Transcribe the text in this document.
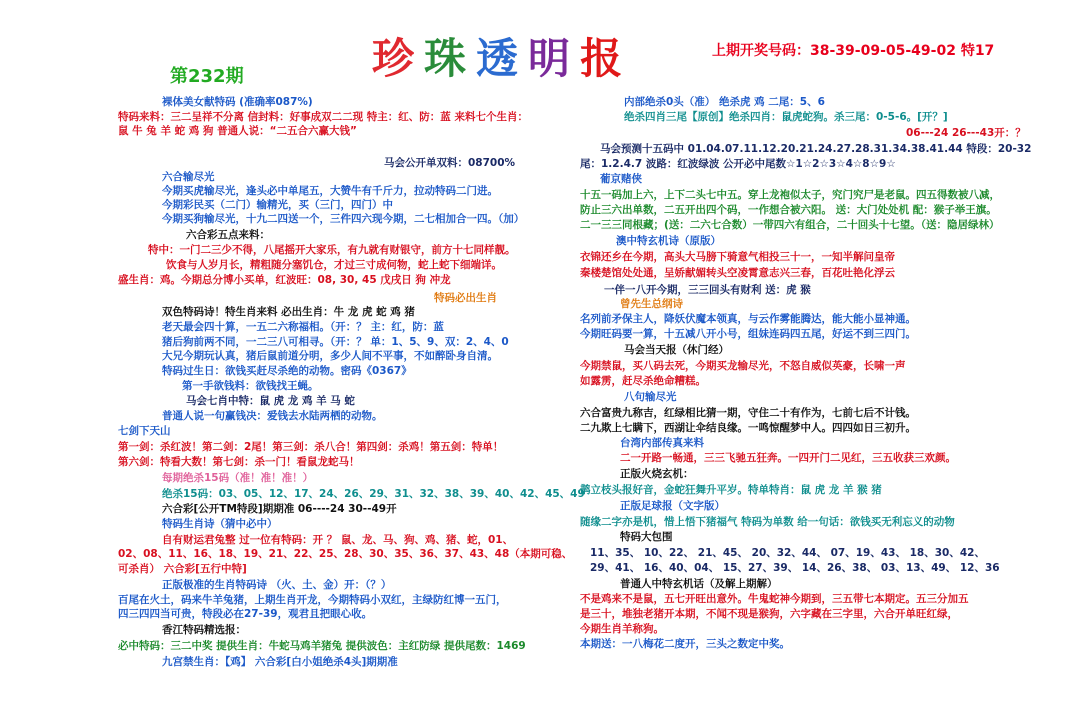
珍珠透明报
第232期
上期开奖号码：38-39-09-05-49-02 特17
裸体美女献特码 (准确率087%)
特码来料：三二呈祥不分离 信封料：好事成双二二现 特主：红、防：蓝 来料七个生肖：
鼠 牛 兔 羊 蛇 鸡 狗 普通人说：“二五合六赢大钱”
马会公开单双料：08700%
六合输尽光
今期买虎输尽光，逢头必中单尾五，大赞牛有千斤力，拉动特码二门进。
今期彩民买（二门）输精光，买（三门，四门）中
今期买狗输尽光，十九二四送一个，三件四六现今期，二七相加合一四。（加）
六合彩五点来料：
特中：一门二三少不得，八尾摇开大家乐，有九就有财银守，前方十七同样靓。
饮食与人岁月长，精粗随分塞饥仓，才过三寸成何物，蛇上蛇下细端详。
盛生肖：鸡。今期总分博小买单，红波旺：08, 30, 45 戊戌日 狗 冲龙
特码必出生肖
双色特码诗！特生肖来料 必出生肖：牛 龙 虎 蛇 鸡 猪
老天最会四十算，一五二六称福相。（开：？ 主：红，防：蓝
猪后狗前两不同，一二三八可相寻。（开：？ 单：1、5、9、双：2、4、0
大兄今期玩认真，猪后鼠前道分明，多少人间不平事，不如醉卧身自清。
特码过生日：欲钱买赶尽杀绝的动物。密码《0367》
第一手欲钱料：欲钱找王蝇。
马会七肖中特：鼠 虎 龙 鸡 羊 马 蛇
普通人说一句赢钱决：爱钱去水陆两栖的动物。
七剑下天山
第一剑：杀红波！第二剑：2尾！第三剑：杀八合！第四剑：杀鸡！第五剑：特单！
第六剑：特看大数！第七剑：杀一门！看鼠龙蛇马！
每期绝杀15码（准！准！准！）
绝杀15码：03、05、12、17、24、26、29、31、32、38、39、40、42、45、49
六合彩[公开TM特段]期期准 06----24 30--49开
特码生肖诗（猜中必中）
自有财运君兔整 过一位有特码：开 ？ 鼠、龙、马、狗、鸡、猪、蛇，01、
02、08、11、16、18、19、21、22、25、28、30、35、36、37、43、48（本期可稳、
可杀肖） 六合彩[五行中特]
正版极准的生肖特码诗 （火、土、金）开：（？）
百尾在火土，码来牛羊兔猪，上期生肖开龙，今期特码小双红，主绿防红博一五门，
四三四四当可贵，特段必在27-39，观君且把眼心收。
香江特码精选报：
必中特码：三二中奖 提供生肖：牛蛇马鸡羊猪兔 提供波色：主红防绿 提供尾数：1469
九宫禁生肖：【鸡】 六合彩[白小姐绝杀4头]期期准
内部绝杀0头（准） 绝杀虎 鸡 二尾：5、6
绝杀四肖三尾【原创】绝杀四肖：鼠虎蛇狗。杀三尾：0-5-6。[开？]
06---24 26---43开：？
马会预测十五码中 01.04.07.11.12.20.21.24.27.28.31.34.38.41.44 特段：20-32
尾：1.2.4.7 波路：红波绿波 公开必中尾数☆1☆2☆3☆4☆8☆9☆
葡京赌侠
十五一码加上六，上下二头七中五。穿上龙袍似太子，究门究尸是老鼠。四五得数被八减，
防止三六出单数，二五开出四个码，一作想合被六阳。 送：大门处处机 配：猴子举王旗。
二一三三同根藏；(送：二六七合数）一带四六有组合，二十回头十七望。（送：隐居绿林）
澳中特玄机诗（原版）
衣锦还乡在今期，高头大马膀下骑意气相投三十一，一知半解问皇帝
秦楼楚馆处处通，呈娇献媚转头空凌霄意志兴三春，百花吐艳化浮云
一伴一八开今期，三三回头有财利 送：虎 猴
曾先生总纲诗
名列前矛保主人，降妖伏魔本领真，与云作雾能腾达，能大能小显神通。
今期旺码要一算，十五减八开小号，组妹连码四五尾，好运不到三四门。
马会当天报（休门经）
今期禁鼠，买八码去死，今期买龙输尽光，不怒自威似英豪，长啸一声
如露雳，赶尽杀绝命糟糕。
八句输尽光
六合富贵九称吉，红绿相比猜一期，守住二十有作为，七前七后不计钱。
二九欺上七瞒下，西湖让伞结良缘。一鸣惊醒梦中人。四四如日三初升。
台湾内部传真来料
二一开路一畅通，三三飞驰五狂奔。一四开门二见红，三五收获三欢颜。
正版火烧玄机：
鹊立枝头报好音，金蛇狂舞升平岁。特单特肖：鼠 虎 龙 羊 猴 猪
正版足球报（文字版）
随缘二字亦是机，惜上悟下猪福气 特码为单数 给一句话：欲钱买无利忘义的动物
特码大包围
11、35、 10、22、 21、45、 20、32、44、 07、19、43、 18、30、42、
29、41、 16、40、04、 15、27、39、 14、26、38、 03、13、49、 12、36
普通人中特玄机话（及解上期解）
不是鸡来不是鼠，五七开旺出意外。牛鬼蛇神今期到，三五带七本期定。五三分加五
是三十，堆独老猪开本期，不闻不现是猴狗，六字藏在三字里，六合开单旺红绿，
今期生肖羊称狗。
本期送：一八梅花二度开，三头之数定中奖。
